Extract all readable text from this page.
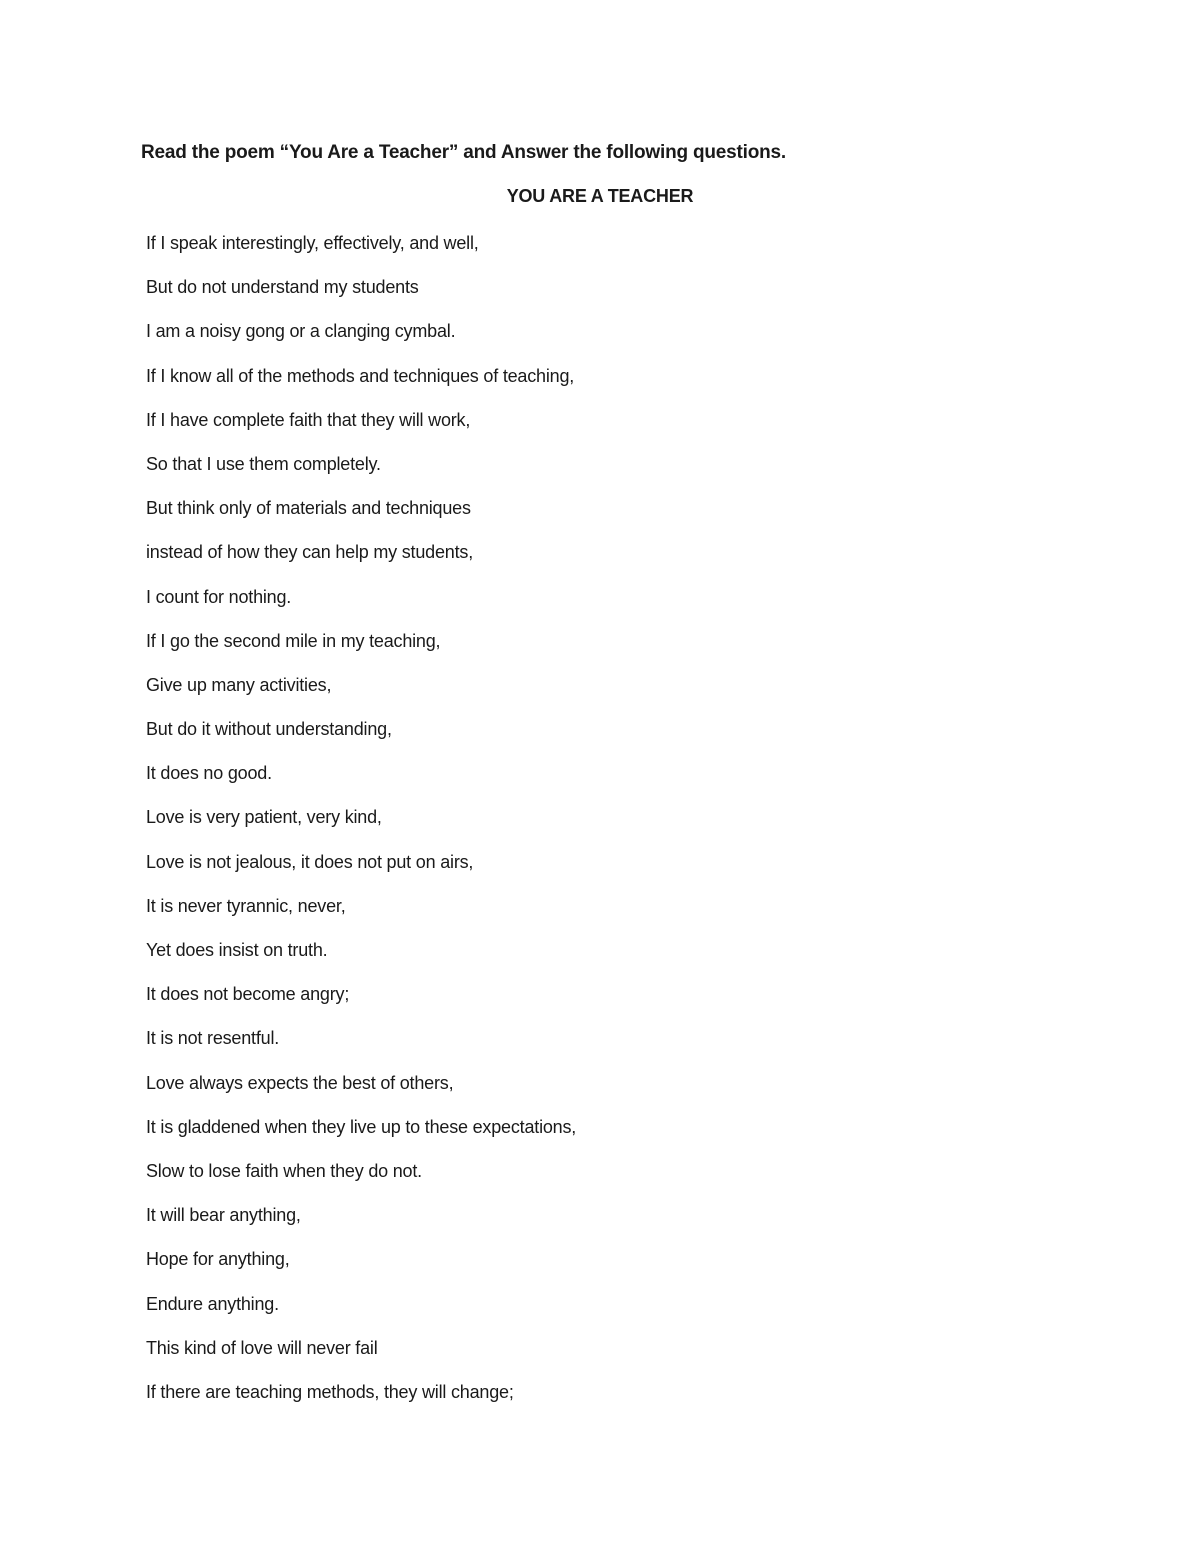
Read the poem “You Are a Teacher” and Answer the following questions.
YOU ARE A TEACHER
If I speak interestingly, effectively, and well,
But do not understand my students
I am a noisy gong or a clanging cymbal.
If I know all of the methods and techniques of teaching,
If I have complete faith that they will work,
So that I use them completely.
But think only of materials and techniques
instead of how they can help my students,
I count for nothing.
If I go the second mile in my teaching,
Give up many activities,
But do it without understanding,
It does no good.
Love is very patient, very kind,
Love is not jealous, it does not put on airs,
It is never tyrannic, never,
Yet does insist on truth.
It does not become angry;
It is not resentful.
Love always expects the best of others,
It is gladdened when they live up to these expectations,
Slow to lose faith when they do not.
It will bear anything,
Hope for anything,
Endure anything.
This kind of love will never fail
If there are teaching methods, they will change;
